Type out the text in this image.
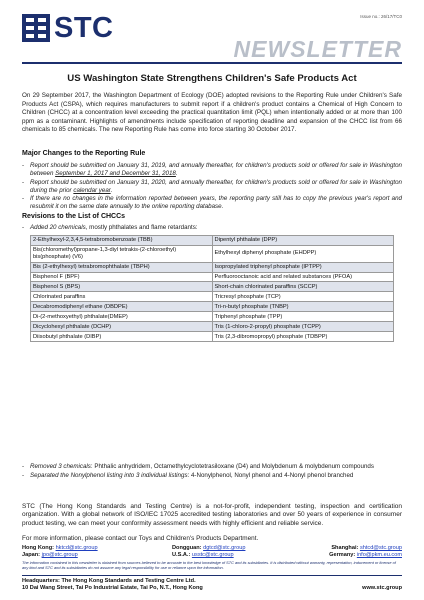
STC	Issue no.: 26/17/TC0
NEWSLETTER
US Washington State Strengthens Children's Safe Products Act
On 29 September 2017, the Washington Department of Ecology (DOE) adopted revisions to the Reporting Rule under Children's Safe Products Act (CSPA), which requires manufacturers to submit report if a children's product contains a Chemical of High Concern to Children (CHCC) at a concentration level exceeding the practical quantitation limit (PQL) when intentionally added or at more than 100 ppm as a contaminant. Highlights of amendments include specification of reporting deadline and expansion of the CHCC list from 66 chemicals to 85 chemicals. The new Reporting Rule has come into force starting 30 October 2017.
Major Changes to the Reporting Rule
- Report should be submitted on January 31, 2019, and annually thereafter, for children's products sold or offered for sale in Washington between September 1, 2017 and December 31, 2018.
- Report should be submitted on January 31, 2020, and annually thereafter, for children's products sold or offered for sale in Washington during the prior calendar year.
- If there are no changes in the information reported between years, the reporting party still has to copy the previous year's report and resubmit it on the same date annually to the online reporting database.
Revisions to the List of CHCCs
- Added 20 chemicals, mostly phthalates and flame retardants:
2-Ethylhexyl-2,3,4,5-tetrabromobenzoate (TBB)	Dipentyl phthalate (DPP)
Bis(chloromethyl)propane-1,3-diyl tetrakis-(2-chloroethyl) bis(phosphate) (V6)	Ethylhexyl diphenyl phosphate (EHDPP)
Bis (2-ethylhexyl) tetrabromophthalate (TBPH)	Isopropylated triphenyl phosphate (IPTPP)
Bisphenol F (BPF)	Perfluorooctanoic acid and related substances (PFOA)
Bisphenol S (BPS)	Short-chain chlorinated paraffins (SCCP)
Chlorinated paraffins	Tricresyl phosphate (TCP)
Decabromodiphenyl ethane (DBDPE)	Tri-n-butyl phosphate (TNBP)
Di-(2-methoxyethyl) phthalate(DMEP)	Triphenyl phosphate (TPP)
Dicyclohexyl phthalate (DCHP)	Tris (1-chloro-2-propyl) phosphate (TCPP)
Diisobutyl phthalate (DIBP)	Tris (2,3-dibromopropyl) phosphate (TDBPP)
- Removed 3 chemicals: Phthalic anhydridem, Octamethylcyclotetrasiloxane (D4) and Molybdenum & molybdenum compounds
- Separated the Nonylphenol listing into 3 individual listings: 4-Nonylphenol, Nonyl phenol and 4-Nonyl phenol branched
STC (The Hong Kong Standards and Testing Centre) is a not-for-profit, independent testing, inspection and certification organization. With a global network of ISO/IEC 17025 accredited testing laboratories and over 50 years of experience in consumer product testing, we can meet your conformity assessment needs with highly efficient and reliable service.
For more information, please contact our Toys and Children's Products Department.
Hong Kong: hktcd@stc.group	Dongguan: dgtcd@stc.group	Shanghai: shtcd@stc.group
Japan: jpo@stc.group	U.S.A.: usstc@stc.group	Germany: info@pkm.eu.com
The information contained in this newsletter is obtained from sources believed to be accurate to the best knowledge of STC and its subsidiaries. It is distributed without warranty, representation, inducement or license of any kind and STC and its subsidiaries do not assume any legal responsibility for use or reliance upon the information.
Headquarters: The Hong Kong Standards and Testing Centre Ltd.
10 Dai Wang Street, Tai Po Industrial Estate, Tai Po, N.T., Hong Kong	www.stc.group
